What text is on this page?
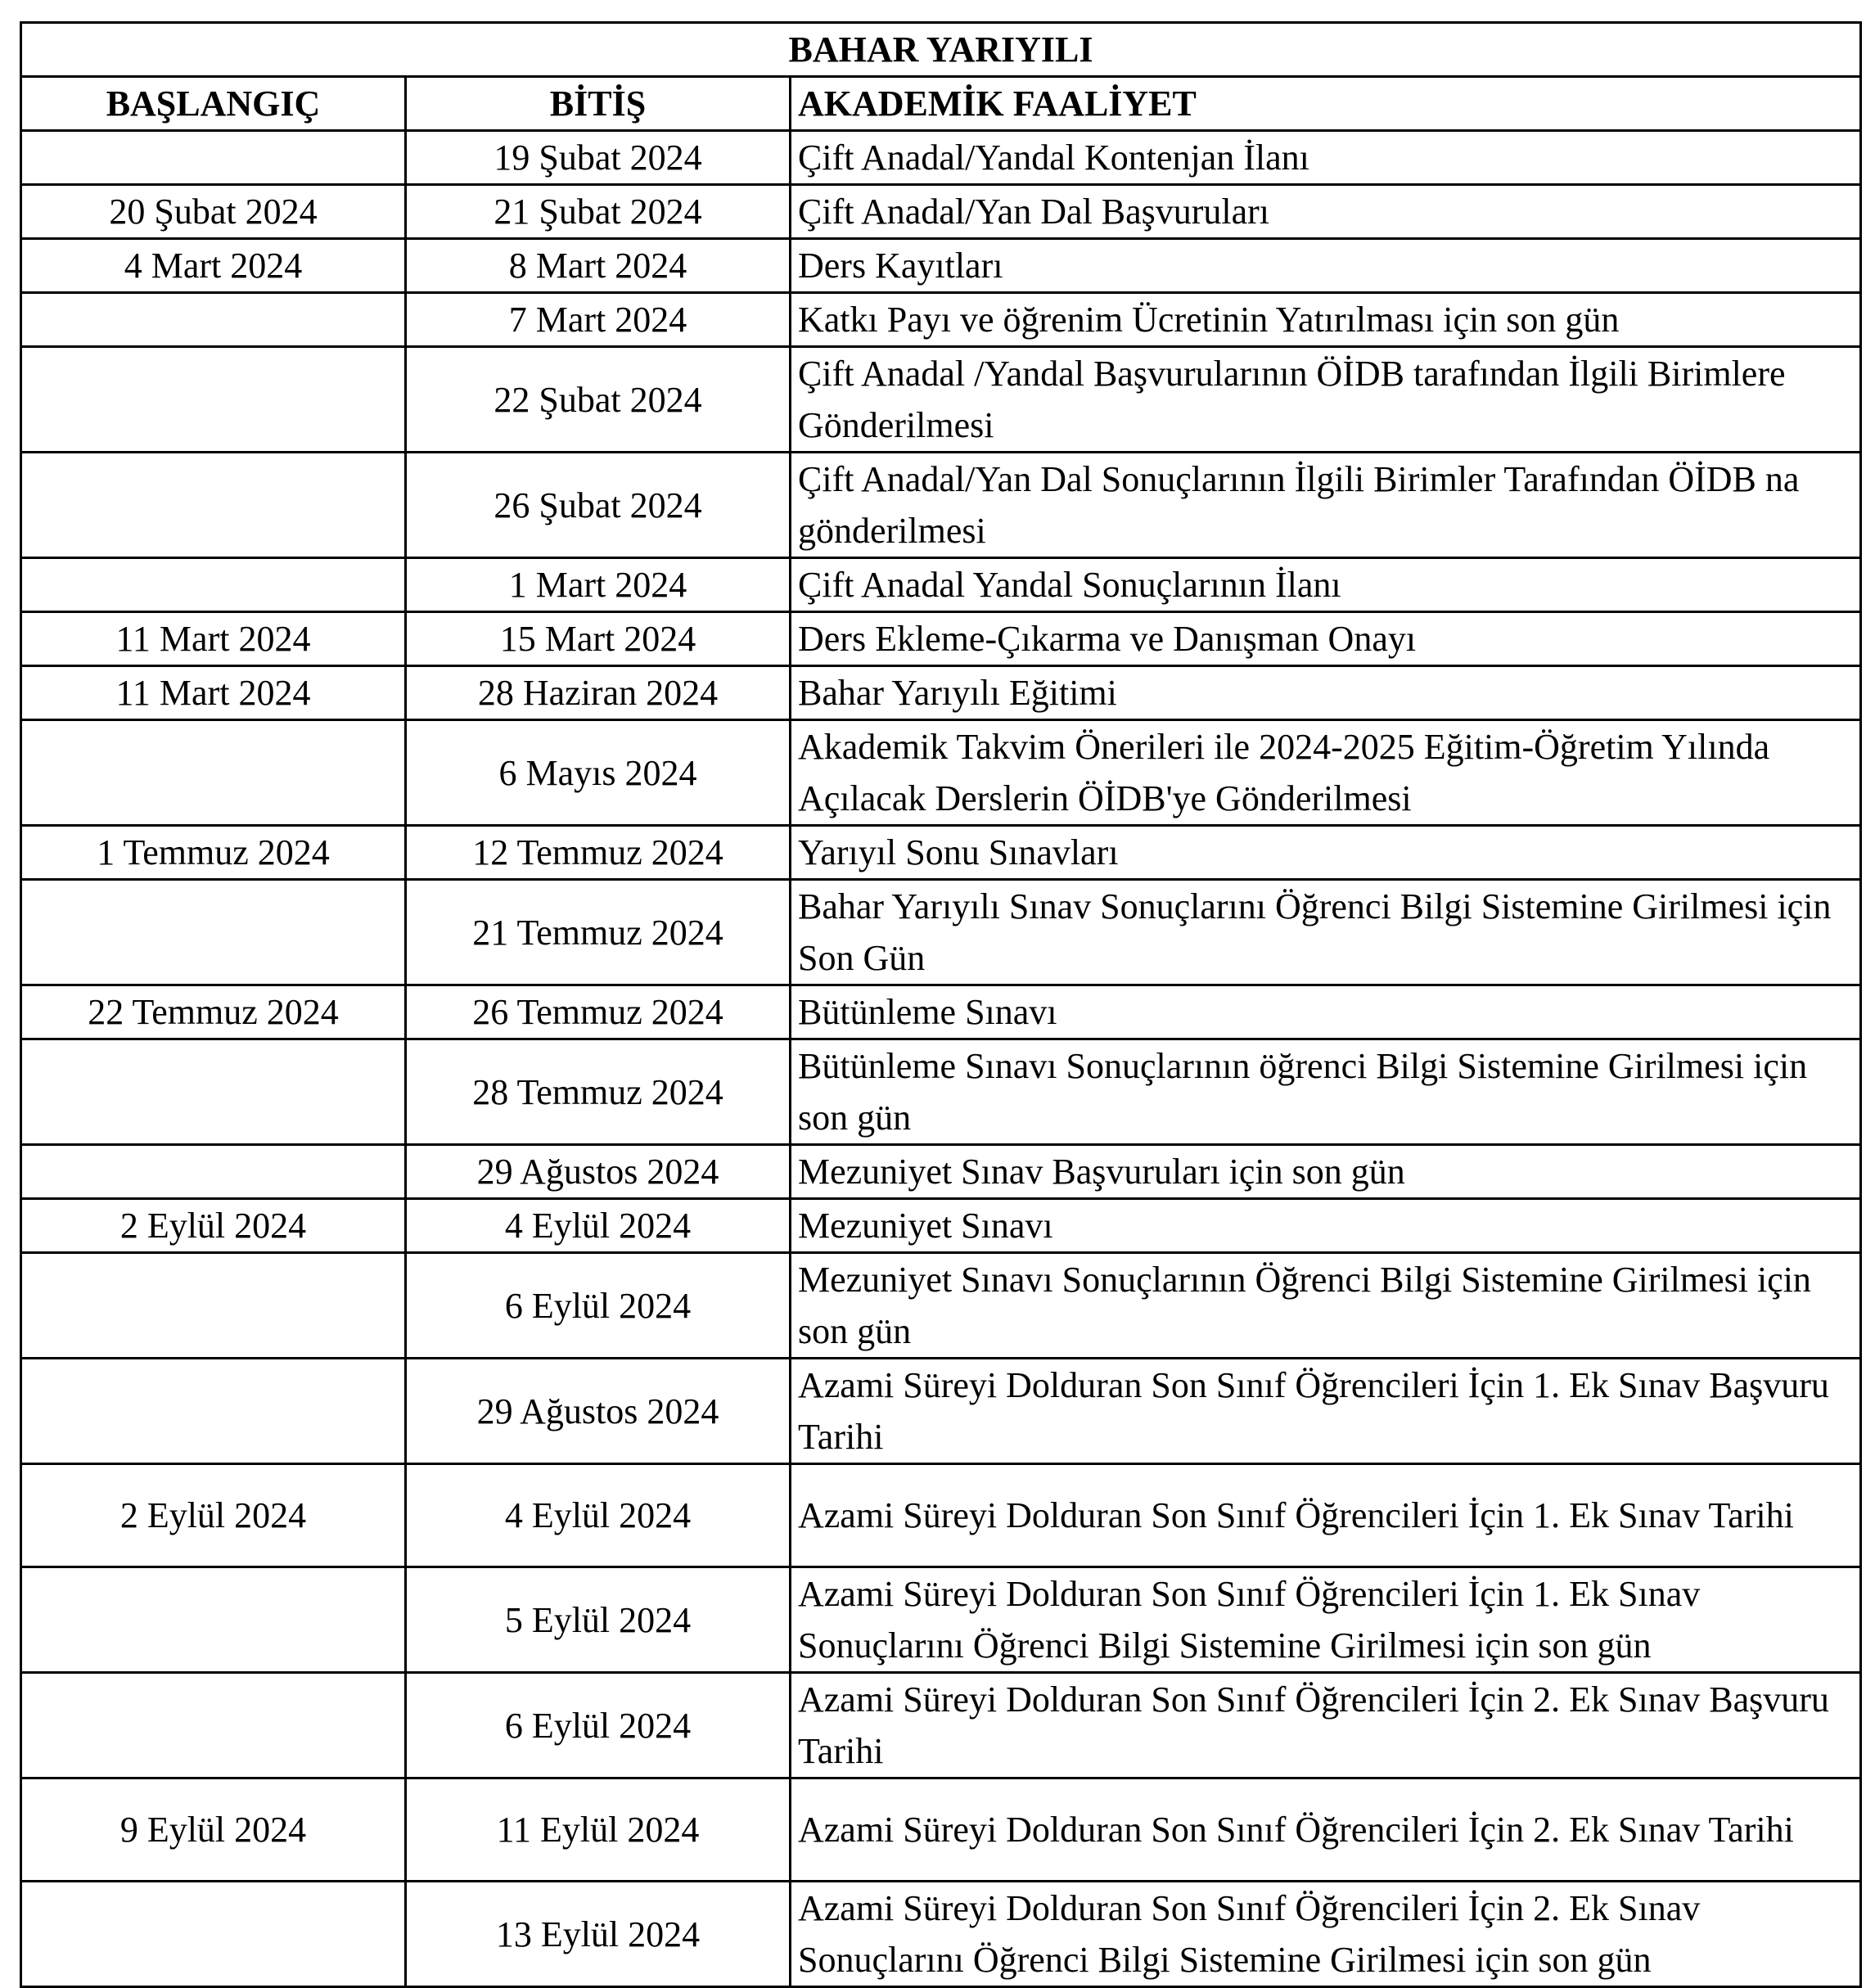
BAHAR YARIYILI		
BAŞLANGIÇ	BİTİŞ	AKADEMİK FAALİYET
	19 Şubat 2024	Çift Anadal/Yandal Kontenjan İlanı
20 Şubat 2024	21 Şubat 2024	Çift Anadal/Yan Dal Başvuruları
4 Mart 2024	8 Mart 2024	Ders Kayıtları
	7 Mart 2024	Katkı Payı ve öğrenim Ücretinin Yatırılması için son gün
	22 Şubat 2024	Çift Anadal /Yandal Başvurularının ÖİDB tarafından İlgili Birimlere Gönderilmesi
	26 Şubat 2024	Çift Anadal/Yan Dal Sonuçlarının İlgili Birimler Tarafından ÖİDB na gönderilmesi
	1 Mart 2024	Çift Anadal Yandal Sonuçlarının İlanı
11 Mart 2024	15 Mart 2024	Ders Ekleme-Çıkarma ve Danışman Onayı
11 Mart 2024	28 Haziran 2024	Bahar Yarıyılı Eğitimi
	6 Mayıs 2024	Akademik Takvim Önerileri ile 2024-2025 Eğitim-Öğretim Yılında Açılacak Derslerin ÖİDB'ye Gönderilmesi
1 Temmuz 2024	12 Temmuz 2024	Yarıyıl Sonu Sınavları
	21 Temmuz 2024	Bahar Yarıyılı Sınav Sonuçlarını Öğrenci Bilgi Sistemine Girilmesi için Son Gün
22 Temmuz 2024	26 Temmuz 2024	Bütünleme Sınavı
	28 Temmuz 2024	Bütünleme Sınavı Sonuçlarının öğrenci Bilgi Sistemine Girilmesi için son gün
	29 Ağustos 2024	Mezuniyet Sınav Başvuruları için son gün
2 Eylül 2024	4 Eylül 2024	Mezuniyet Sınavı
	6 Eylül 2024	Mezuniyet Sınavı Sonuçlarının Öğrenci Bilgi Sistemine Girilmesi için son gün
	29 Ağustos 2024	Azami Süreyi Dolduran Son Sınıf Öğrencileri İçin 1. Ek Sınav Başvuru Tarihi
2 Eylül 2024	4 Eylül 2024	Azami Süreyi Dolduran Son Sınıf Öğrencileri İçin 1. Ek Sınav Tarihi
	5 Eylül 2024	Azami Süreyi Dolduran Son Sınıf Öğrencileri İçin 1. Ek Sınav Sonuçlarını Öğrenci Bilgi Sistemine Girilmesi için son gün
	6 Eylül 2024	Azami Süreyi Dolduran Son Sınıf Öğrencileri İçin 2. Ek Sınav Başvuru Tarihi
9 Eylül 2024	11 Eylül 2024	Azami Süreyi Dolduran Son Sınıf Öğrencileri İçin 2. Ek Sınav Tarihi
	13 Eylül 2024	Azami Süreyi Dolduran Son Sınıf Öğrencileri İçin 2. Ek Sınav Sonuçlarını Öğrenci Bilgi Sistemine Girilmesi için son gün
